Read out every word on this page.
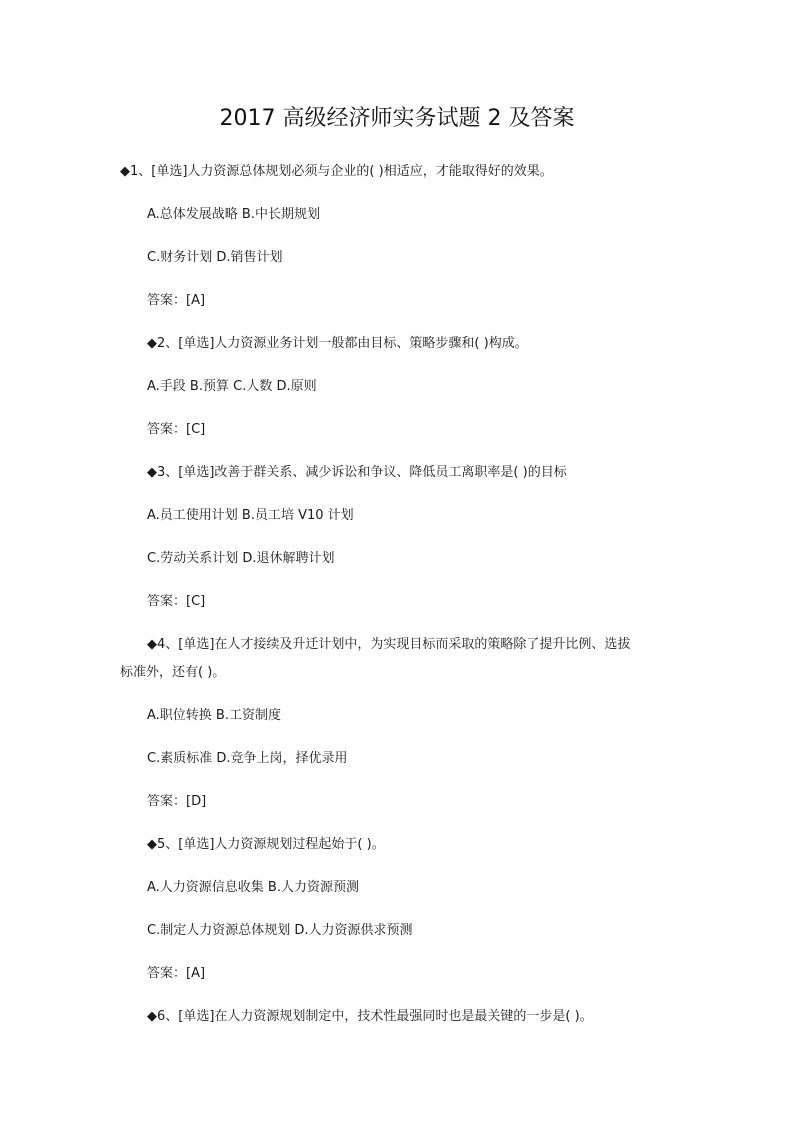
2017 高级经济师实务试题 2 及答案
◆1、[单选]人力资源总体规划必须与企业的( )相适应，才能取得好的效果。
A.总体发展战略 B.中长期规划
C.财务计划 D.销售计划
答案：[A]
◆2、[单选]人力资源业务计划一般都由目标、策略步骤和( )构成。
A.手段 B.预算 C.人数 D.原则
答案：[C]
◆3、[单选]改善于群关系、减少诉讼和争议、降低员工离职率是( )的目标
A.员工使用计划 B.员工培 V10 计划
C.劳动关系计划 D.退休解聘计划
答案：[C]
◆4、[单选]在人才接续及升迁计划中，为实现目标而采取的策略除了提升比例、选拔
标准外，还有( )。
A.职位转换 B.工资制度
C.素质标准 D.竞争上岗，择优录用
答案：[D]
◆5、[单选]人力资源规划过程起始于( )。
A.人力资源信息收集 B.人力资源预测
C.制定人力资源总体规划 D.人力资源供求预测
答案：[A]
◆6、[单选]在人力资源规划制定中，技术性最强同时也是最关键的一步是( )。
